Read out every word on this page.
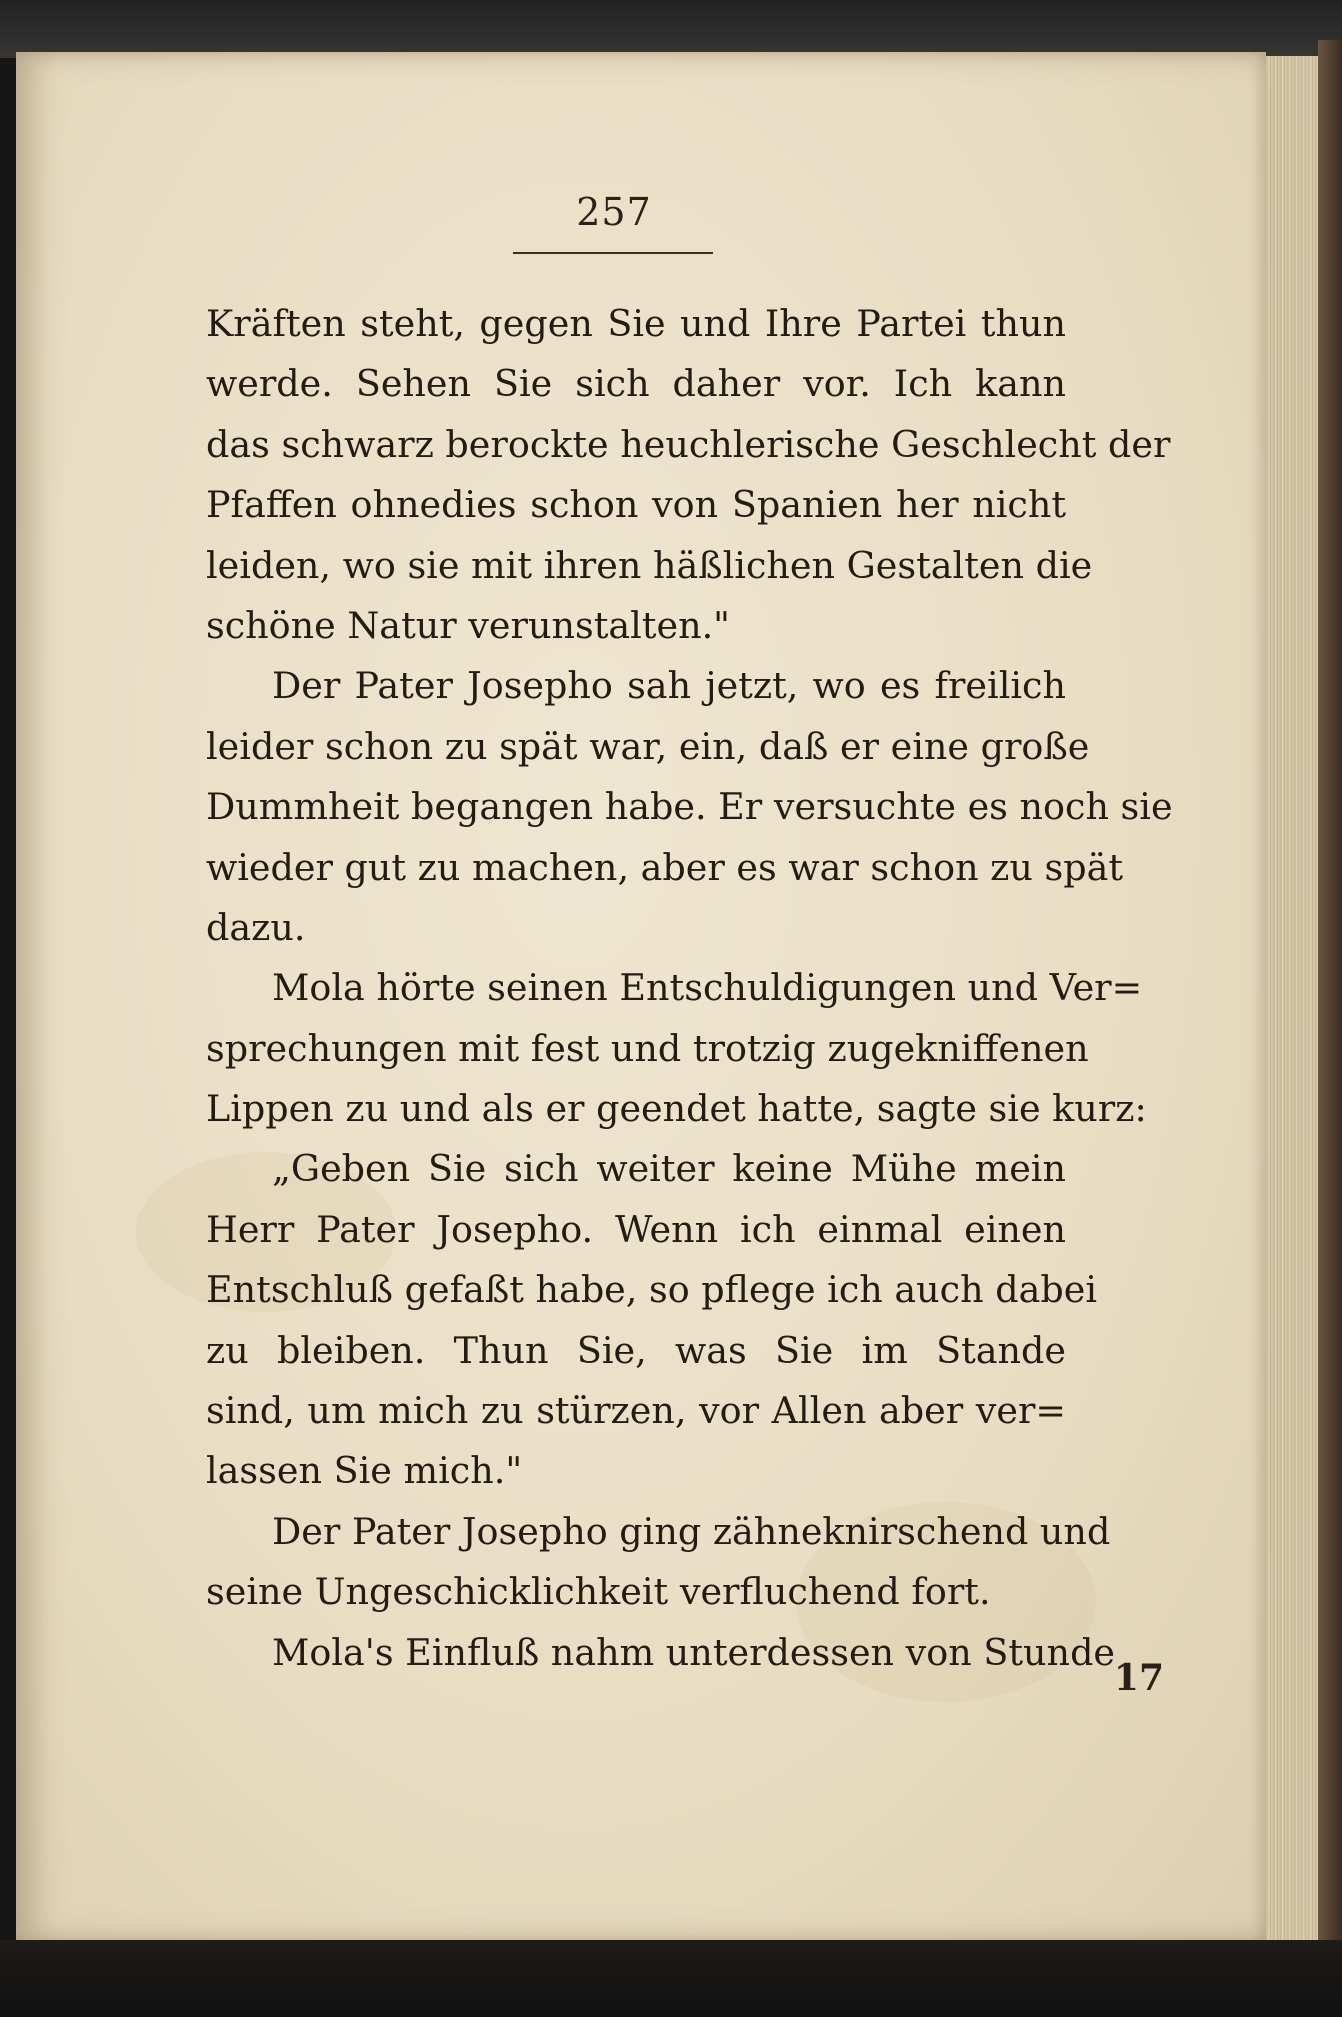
257
Kräften steht, gegen Sie und Ihre Partei thun
werde. Sehen Sie sich daher vor. Ich kann
das schwarz berockte heuchlerische Geschlecht der
Pfaffen ohnedies schon von Spanien her nicht
leiden, wo sie mit ihren häßlichen Gestalten die
schöne Natur verunstalten."
Der Pater Josepho sah jetzt, wo es freilich
leider schon zu spät war, ein, daß er eine große
Dummheit begangen habe. Er versuchte es noch sie
wieder gut zu machen, aber es war schon zu spät
dazu.
Mola hörte seinen Entschuldigungen und Ver=
sprechungen mit fest und trotzig zugekniffenen
Lippen zu und als er geendet hatte, sagte sie kurz:
„Geben Sie sich weiter keine Mühe mein
Herr Pater Josepho. Wenn ich einmal einen
Entschluß gefaßt habe, so pflege ich auch dabei
zu bleiben. Thun Sie, was Sie im Stande
sind, um mich zu stürzen, vor Allen aber ver=
lassen Sie mich."
Der Pater Josepho ging zähneknirschend und
seine Ungeschicklichkeit verfluchend fort.
Mola's Einfluß nahm unterdessen von Stunde
17
